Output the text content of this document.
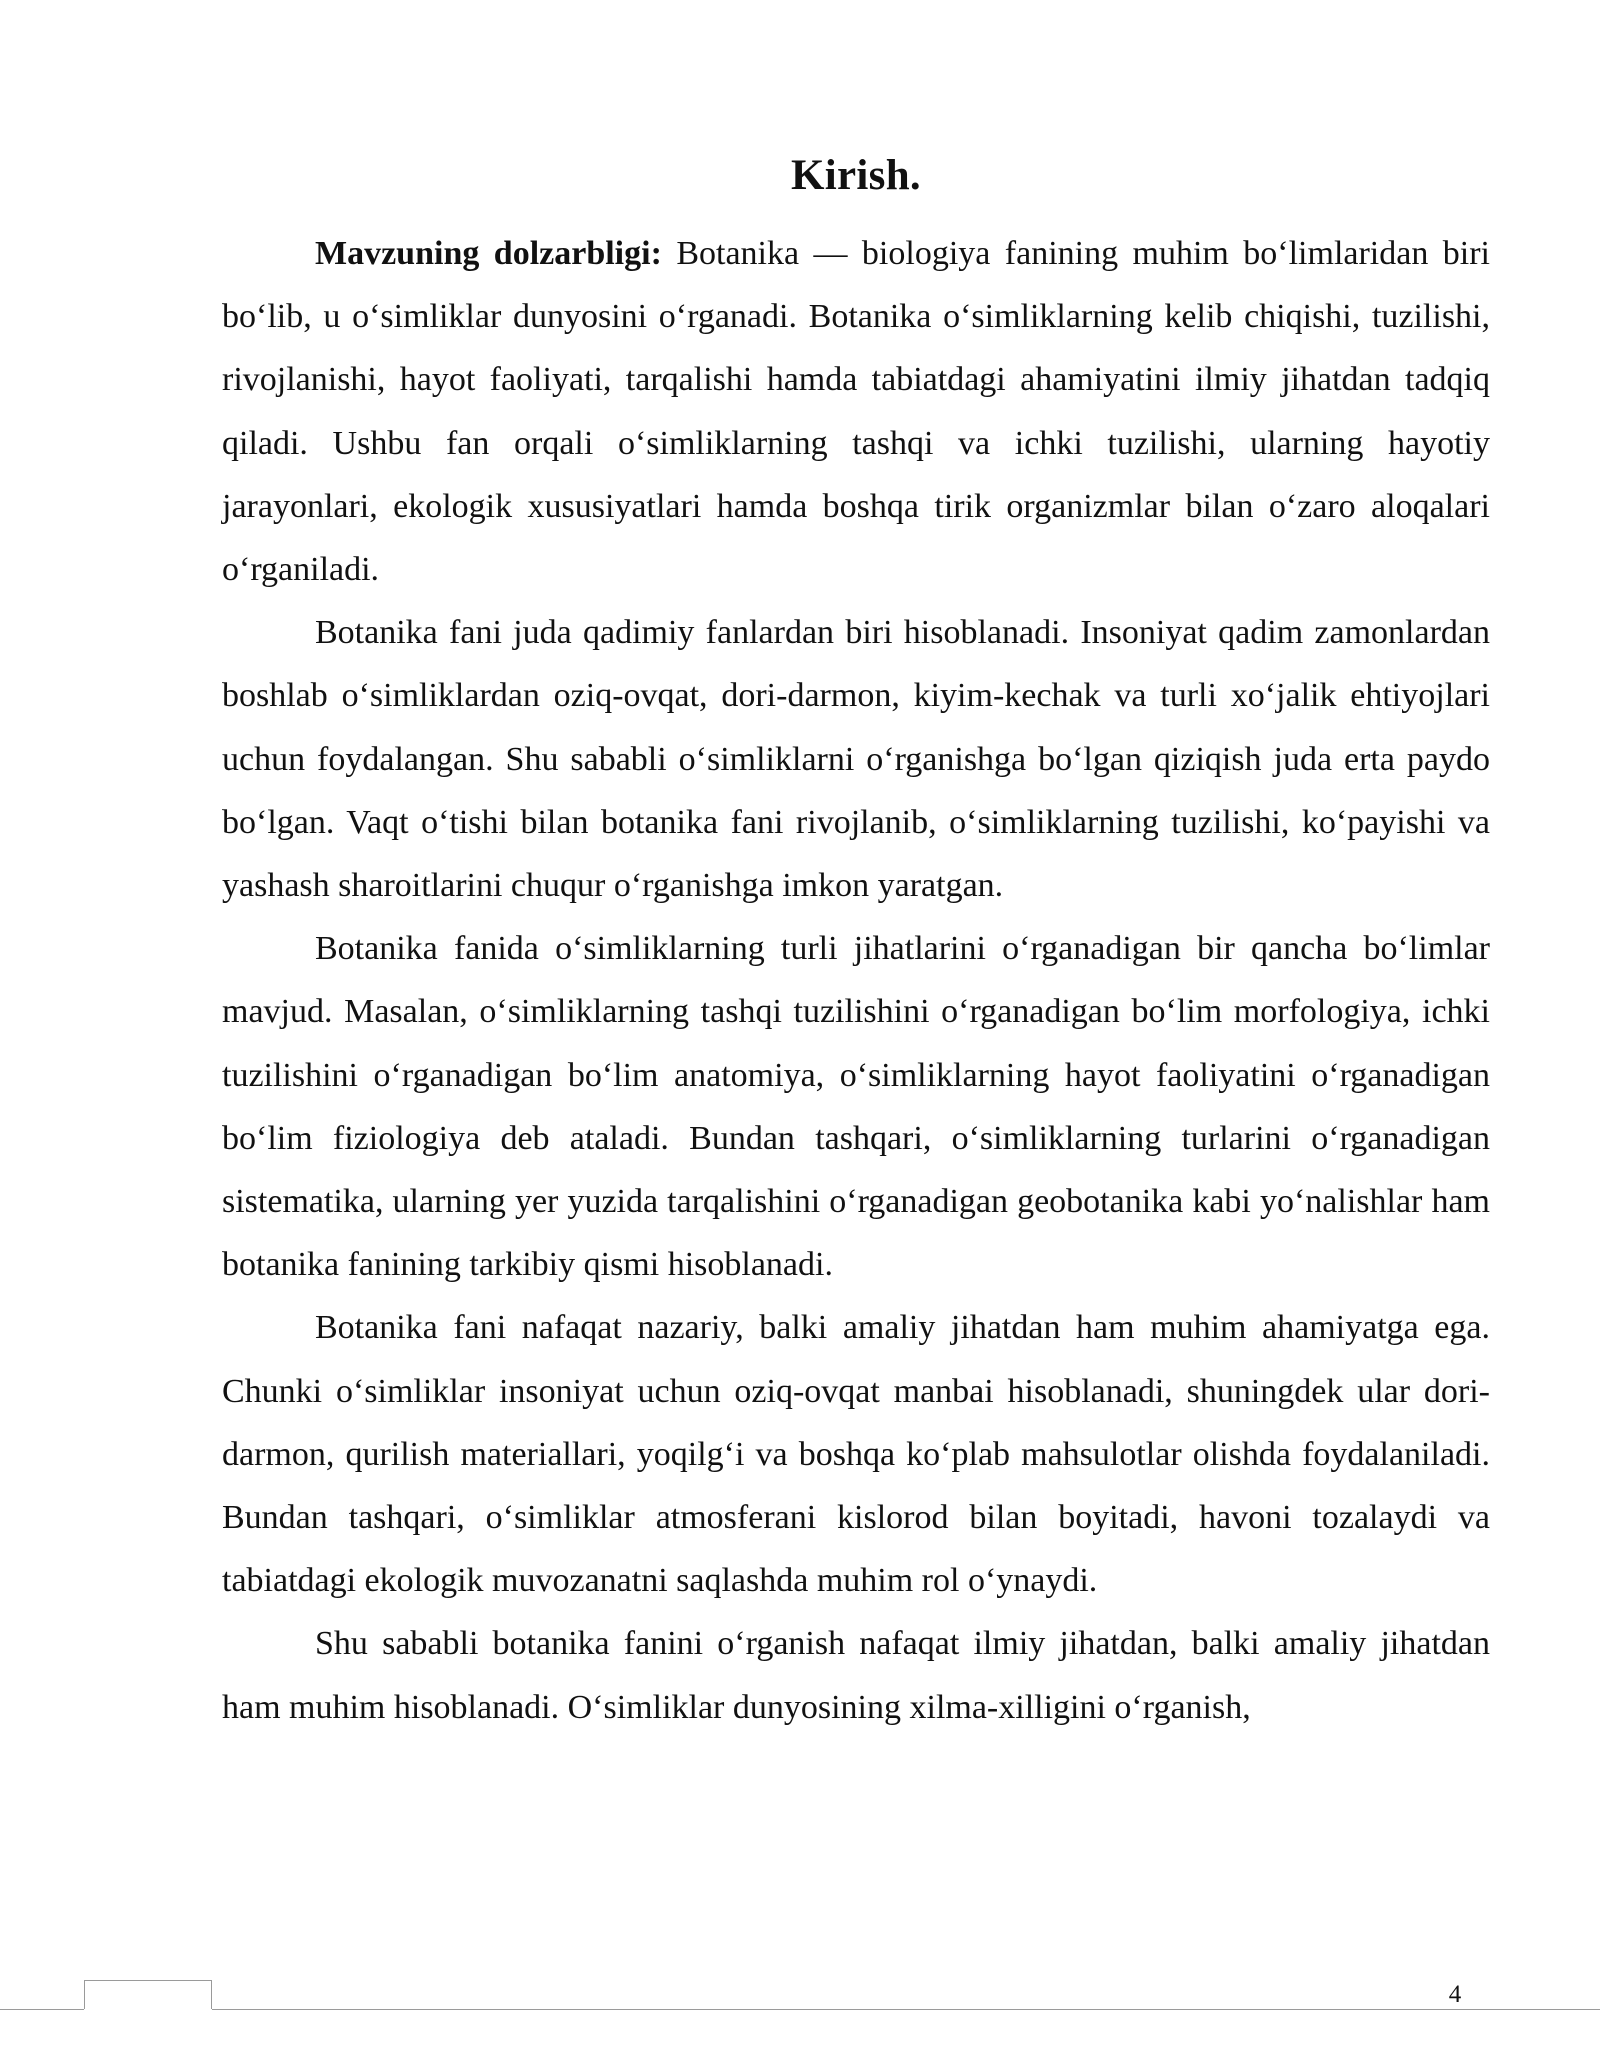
Kirish.

Mavzuning dolzarbligi: Botanika — biologiya fanining muhim bo‘limlaridan biri bo‘lib, u o‘simliklar dunyosini o‘rganadi. Botanika o‘simliklarning kelib chiqishi, tuzilishi, rivojlanishi, hayot faoliyati, tarqalishi hamda tabiatdagi ahamiyatini ilmiy jihatdan tadqiq qiladi. Ushbu fan orqali o‘simliklarning tashqi va ichki tuzilishi, ularning hayotiy jarayonlari, ekologik xususiyatlari hamda boshqa tirik organizmlar bilan o‘zaro aloqalari o‘rganiladi.

Botanika fani juda qadimiy fanlardan biri hisoblanadi. Insoniyat qadim zamonlardan boshlab o‘simliklardan oziq-ovqat, dori-darmon, kiyim-kechak va turli xo‘jalik ehtiyojlari uchun foydalangan. Shu sababli o‘simliklarni o‘rganishga bo‘lgan qiziqish juda erta paydo bo‘lgan. Vaqt o‘tishi bilan botanika fani rivojlanib, o‘simliklarning tuzilishi, ko‘payishi va yashash sharoitlarini chuqur o‘rganishga imkon yaratgan.

Botanika fanida o‘simliklarning turli jihatlarini o‘rganadigan bir qancha bo‘limlar mavjud. Masalan, o‘simliklarning tashqi tuzilishini o‘rganadigan bo‘lim morfologiya, ichki tuzilishini o‘rganadigan bo‘lim anatomiya, o‘simliklarning hayot faoliyatini o‘rganadigan bo‘lim fiziologiya deb ataladi. Bundan tashqari, o‘simliklarning turlarini o‘rganadigan sistematika, ularning yer yuzida tarqalishini o‘rganadigan geobotanika kabi yo‘nalishlar ham botanika fanining tarkibiy qismi hisoblanadi.

Botanika fani nafaqat nazariy, balki amaliy jihatdan ham muhim ahamiyatga ega. Chunki o‘simliklar insoniyat uchun oziq-ovqat manbai hisoblanadi, shuningdek ular dori-darmon, qurilish materiallari, yoqilg‘i va boshqa ko‘plab mahsulotlar olishda foydalaniladi. Bundan tashqari, o‘simliklar atmosferani kislorod bilan boyitadi, havoni tozalaydi va tabiatdagi ekologik muvozanatni saqlashda muhim rol o‘ynaydi.

Shu sababli botanika fanini o‘rganish nafaqat ilmiy jihatdan, balki amaliy jihatdan ham muhim hisoblanadi. O‘simliklar dunyosining xilma-xilligini o‘rganish,

4
